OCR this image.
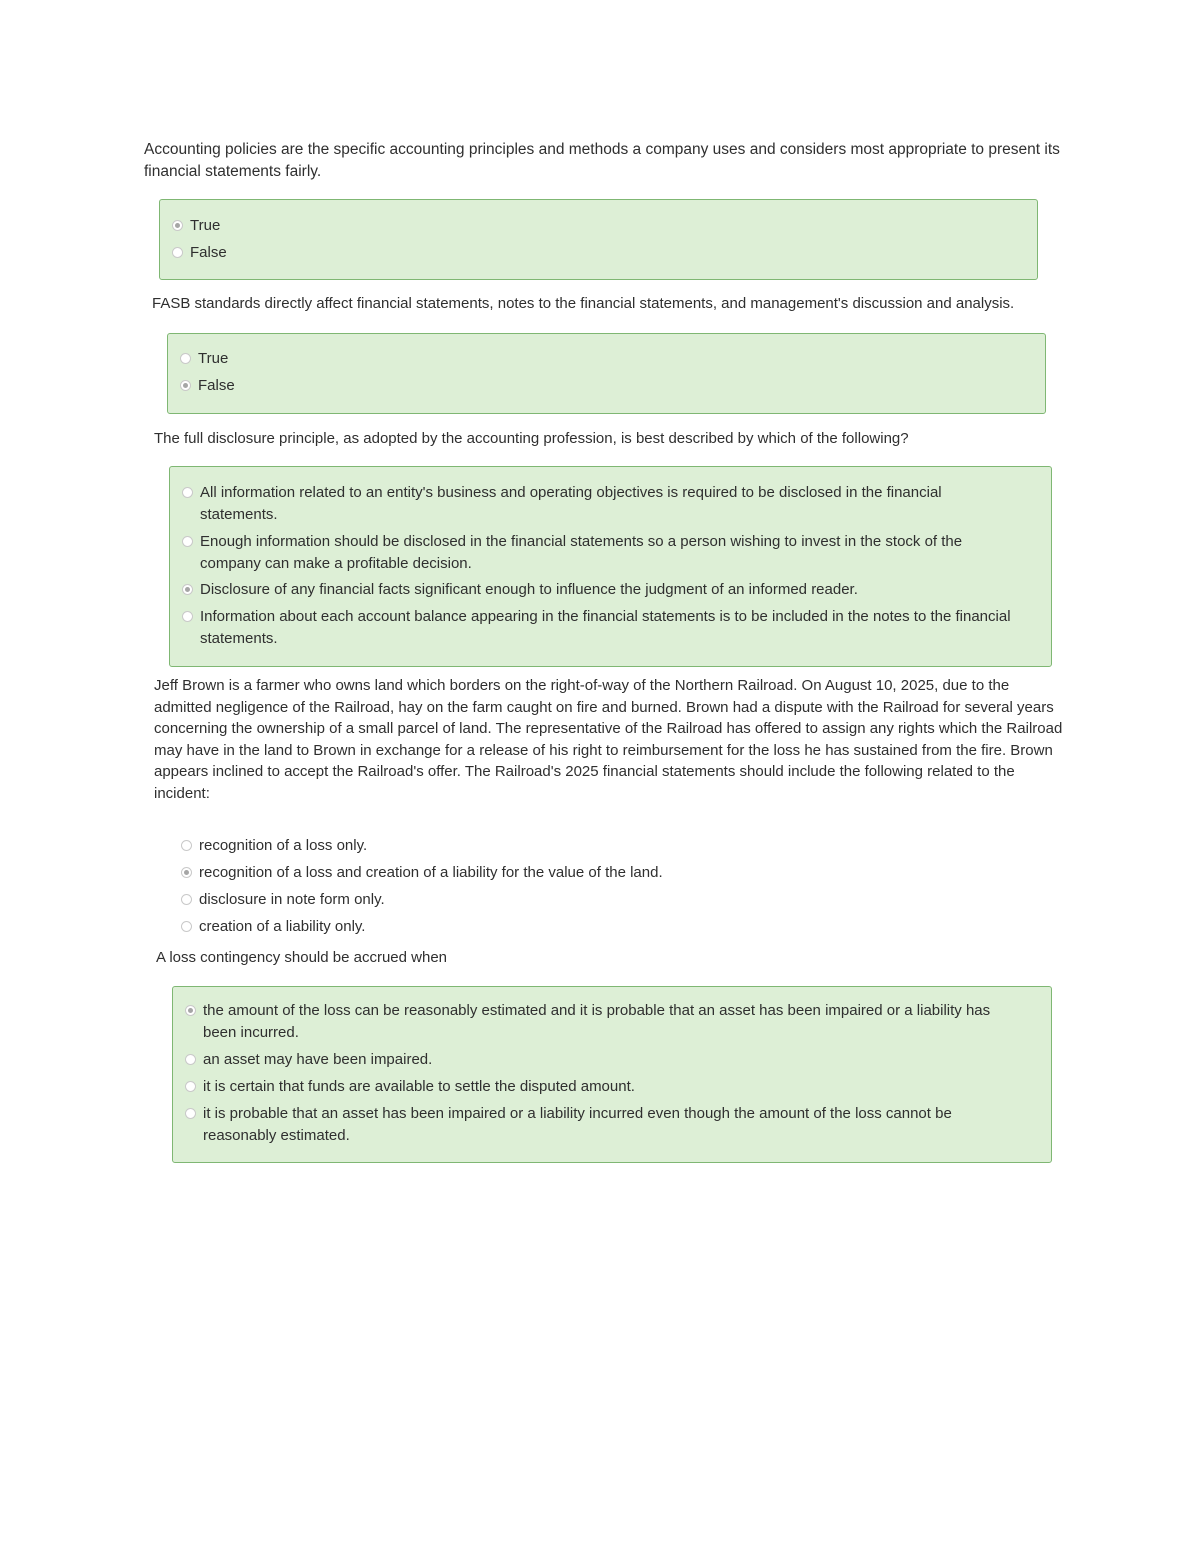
Accounting policies are the specific accounting principles and methods a company uses and considers most appropriate to present its financial statements fairly.
True
False
FASB standards directly affect financial statements, notes to the financial statements, and management's discussion and analysis.
True
False
The full disclosure principle, as adopted by the accounting profession, is best described by which of the following?
All information related to an entity's business and operating objectives is required to be disclosed in the financial statements.
Enough information should be disclosed in the financial statements so a person wishing to invest in the stock of the company can make a profitable decision.
Disclosure of any financial facts significant enough to influence the judgment of an informed reader.
Information about each account balance appearing in the financial statements is to be included in the notes to the financial statements.
Jeff Brown is a farmer who owns land which borders on the right-of-way of the Northern Railroad. On August 10, 2025, due to the admitted negligence of the Railroad, hay on the farm caught on fire and burned. Brown had a dispute with the Railroad for several years concerning the ownership of a small parcel of land. The representative of the Railroad has offered to assign any rights which the Railroad may have in the land to Brown in exchange for a release of his right to reimbursement for the loss he has sustained from the fire. Brown appears inclined to accept the Railroad's offer. The Railroad's 2025 financial statements should include the following related to the incident:
recognition of a loss only.
recognition of a loss and creation of a liability for the value of the land.
disclosure in note form only.
creation of a liability only.
A loss contingency should be accrued when
the amount of the loss can be reasonably estimated and it is probable that an asset has been impaired or a liability has been incurred.
an asset may have been impaired.
it is certain that funds are available to settle the disputed amount.
it is probable that an asset has been impaired or a liability incurred even though the amount of the loss cannot be reasonably estimated.
